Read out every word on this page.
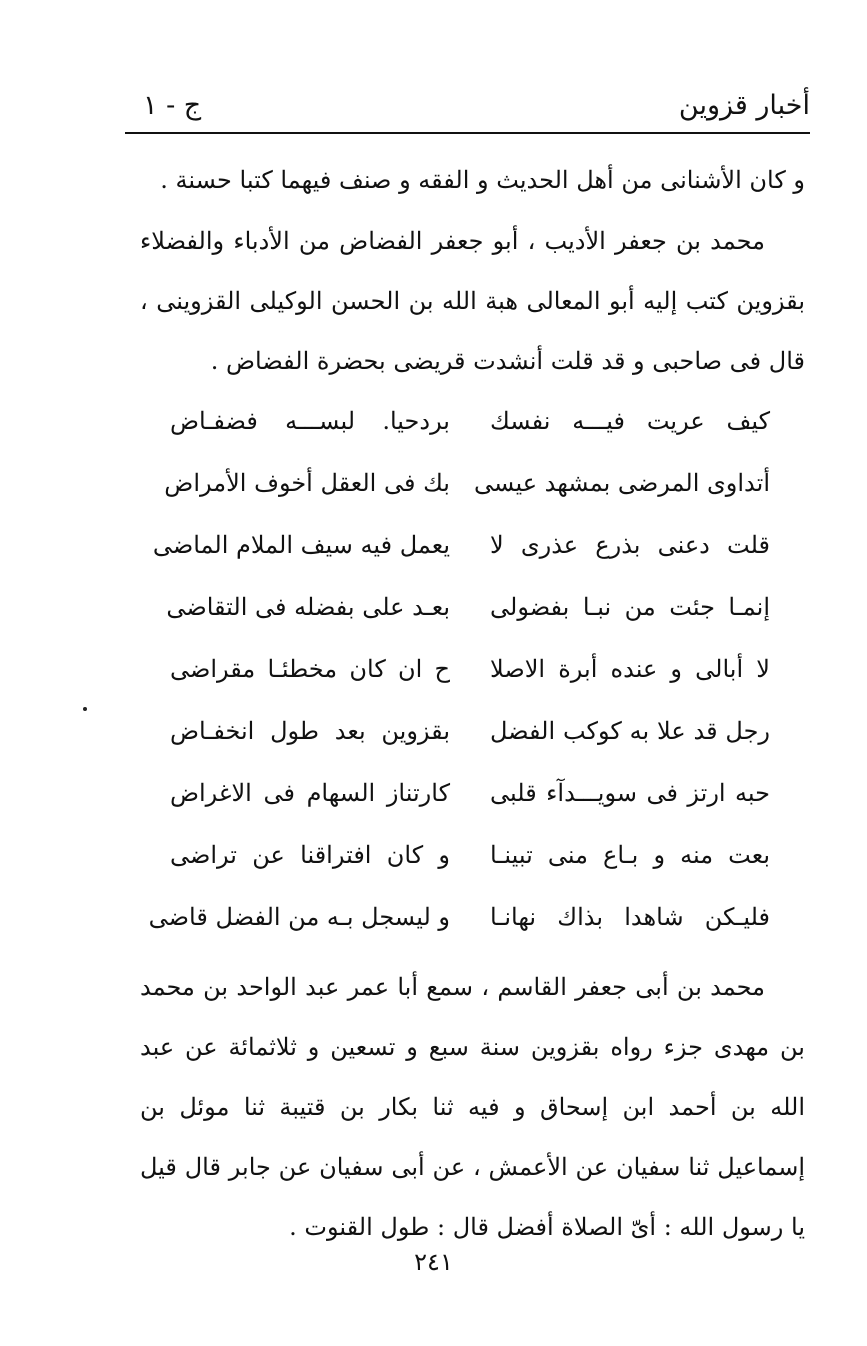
أخبار قزوين
ج - ١

و كان الأشنانى من أهل الحديث و الفقه و صنف فيهما كتبا حسنة .

محمد بن جعفر الأديب ، أبو جعفر الفضاض من الأدباء والفضلاء بقزوين كتب إليه أبو المعالى هبة الله بن الحسن الوكيلى القزوينى ، قال فى صاحبى و قد قلت أنشدت قريضى بحضرة الفضاض .

كيف عريت فيـــه نفسك
بردحيا. لبســـه فضفـاض
أتداوى المرضى بمشهد عيسى
بك فى العقل أخوف الأمراض
قلت دعنى بذرع عذرى لا
يعمل فيه سيف الملام الماضى
إنمـا جئت من نبـا بفضولى
بعـد على بفضله فى التقاضى
لا أبالى و عنده أبرة الاصلا
ح ان كان مخطئـا مقراضى
رجل قد علا به كوكب الفضل
بقزوين بعد طول انخفـاض
حبه ارتز فى سويـــدآء قلبى
كارتناز السهام فى الاغراض
بعت منه و بـاع منى تبينـا
و كان افتراقنا عن تراضى
فليـكن شاهدا بذاك نهانـا
و ليسجل بـه من الفضل قاضى

محمد بن أبى جعفر القاسم ، سمع أبا عمر عبد الواحد بن محمد بن مهدى جزء رواه بقزوين سنة سبع و تسعين و ثلاثمائة عن عبد الله بن أحمد ابن إسحاق و فيه ثنا بكار بن قتيبة ثنا موئل بن إسماعيل ثنا سفيان عن الأعمش ، عن أبى سفيان عن جابر قال قيل يا رسول الله : أىّ الصلاة أفضل قال : طول القنوت .

٢٤١
